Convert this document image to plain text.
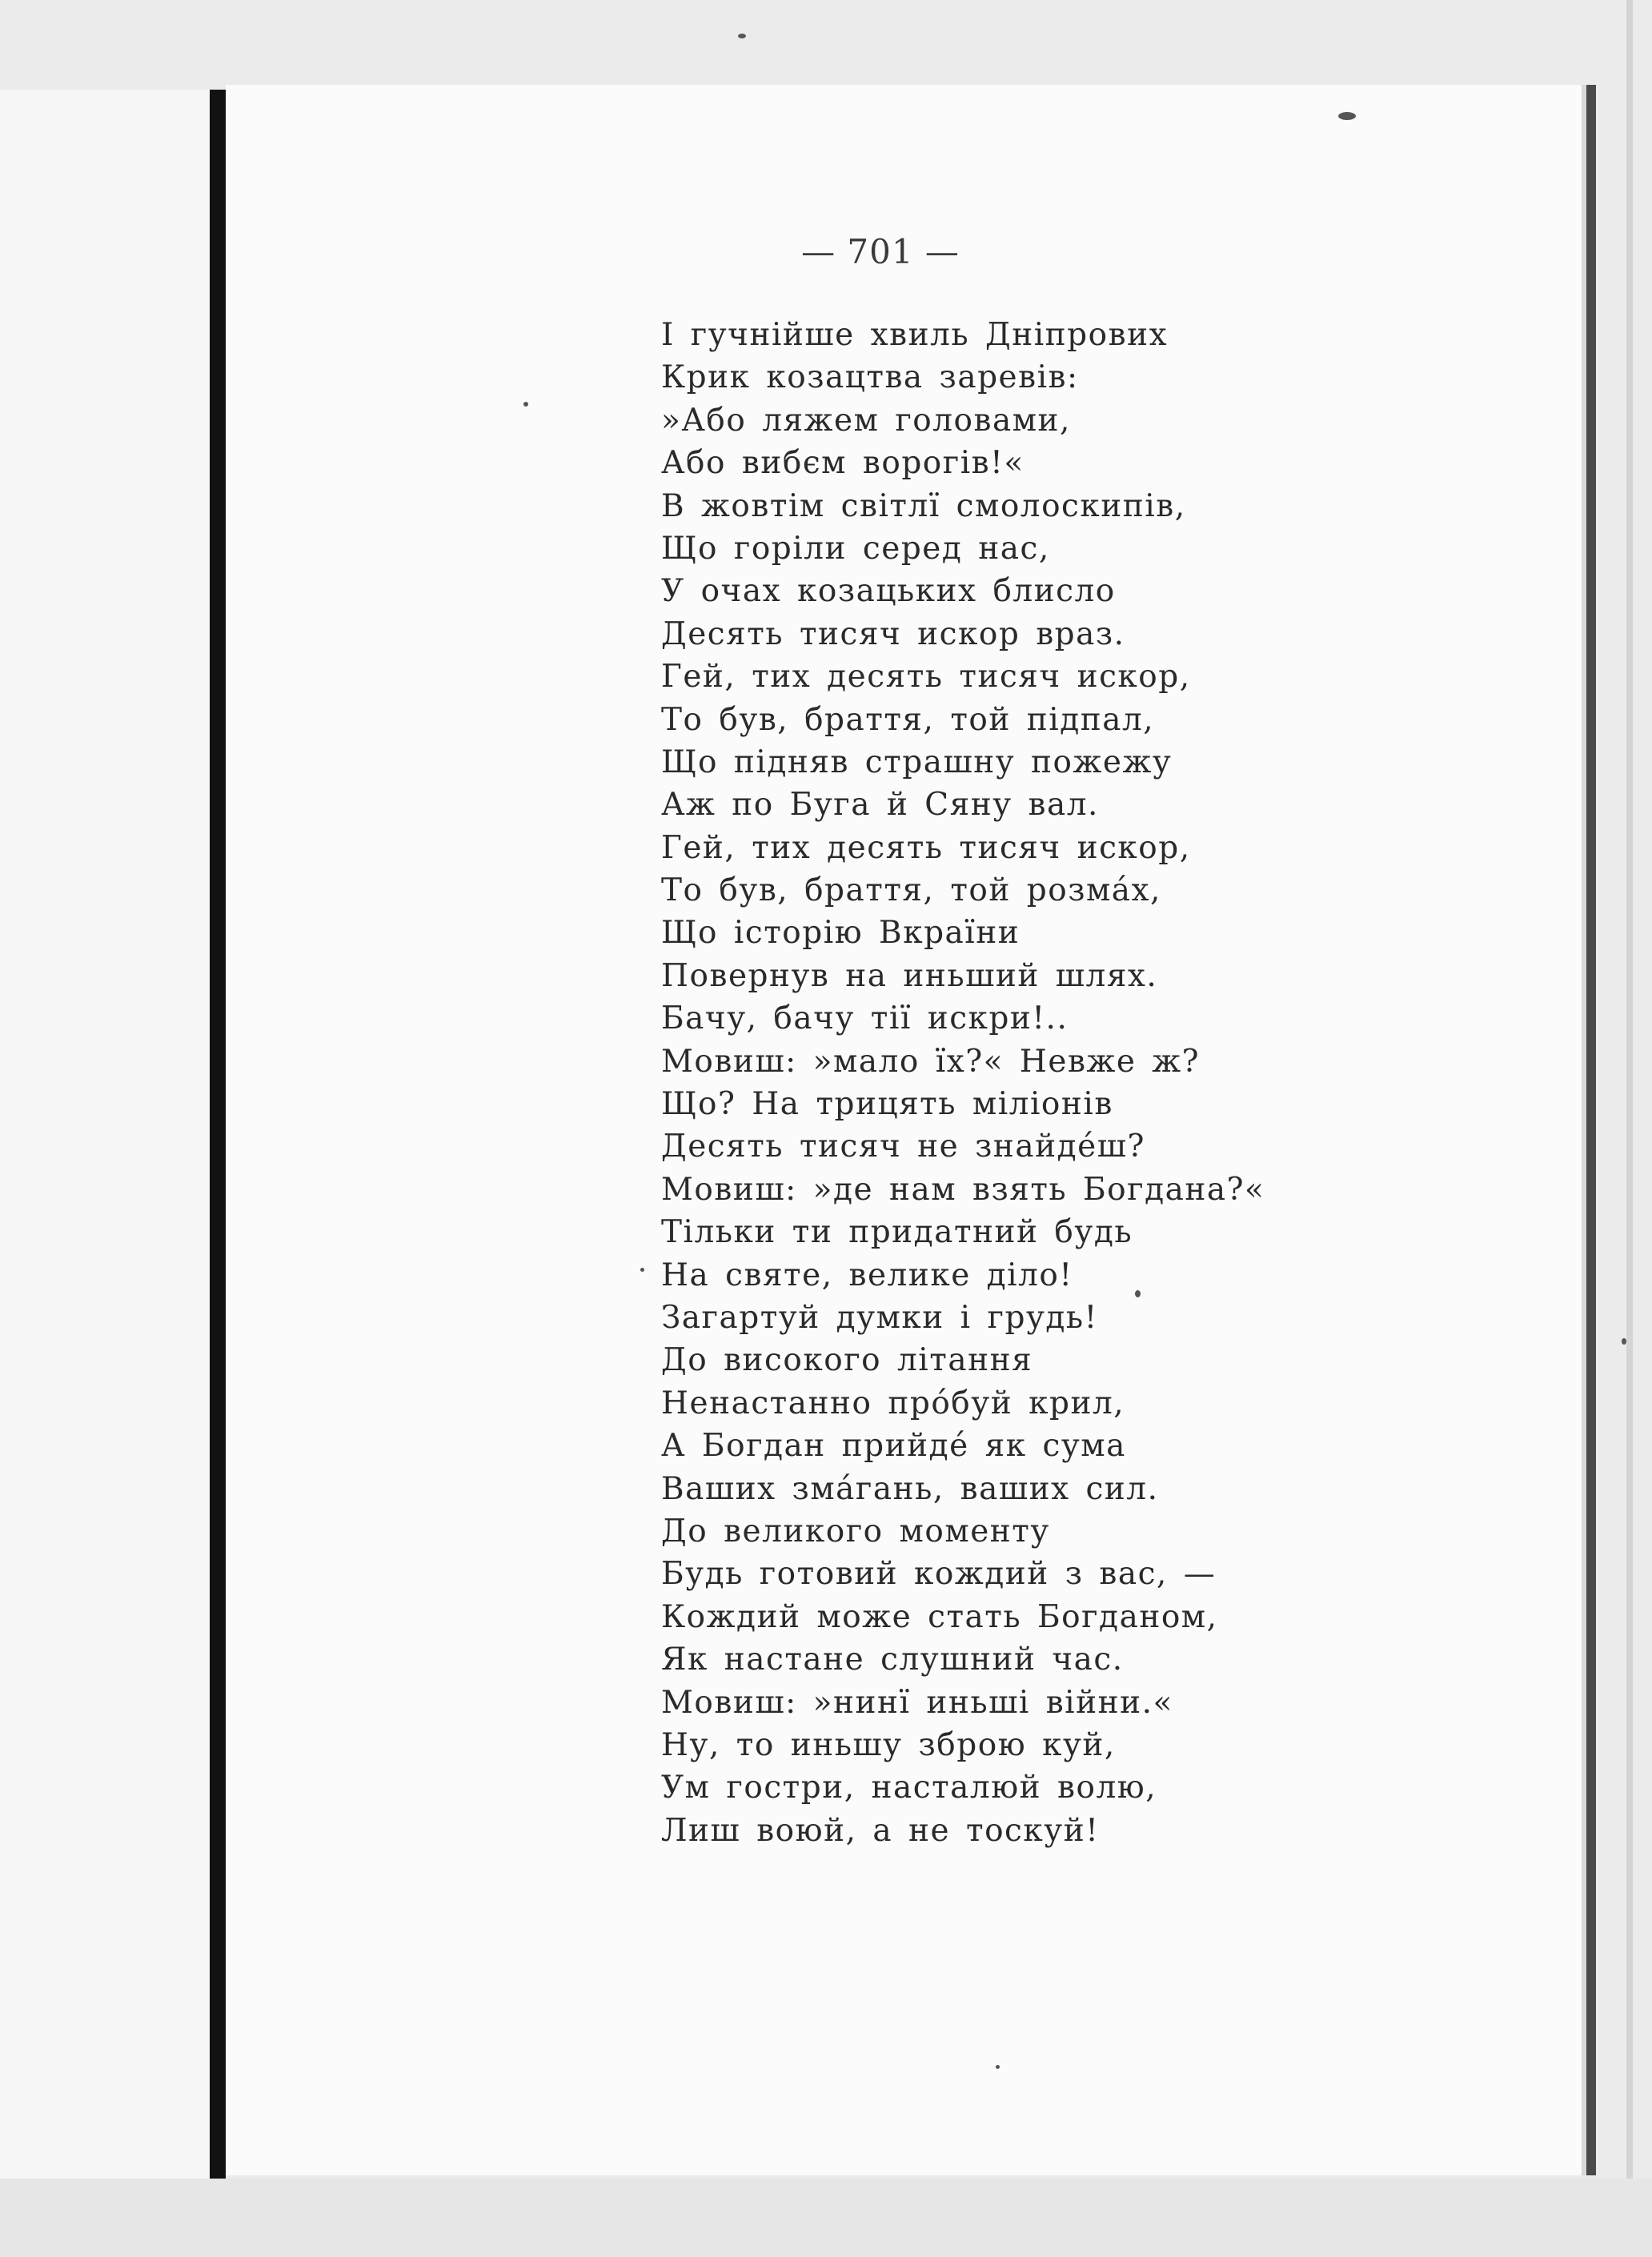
— 701 —
І гучнійше хвиль Дніпрових
Крик козацтва заревів:
»Або ляжем головами,
Або вибєм ворогів!«
В жовтім світлї смолоскипів,
Що горіли серед нас,
У очах козацьких блисло
Десять тисяч искор враз.
Гей, тих десять тисяч искор,
То був, браття, той підпал,
Що підняв страшну пожежу
Аж по Буга й Сяну вал.
Гей, тих десять тисяч искор,
То був, браття, той розма́х,
Що історію Вкраїни
Повернув на иньший шлях.
Бачу, бачу тії искри!..
Мовиш: »мало їх?« Невже ж?
Що? На трицять міліонів
Десять тисяч не знайде́ш?
Мовиш: »де нам взять Богдана?«
Тільки ти придатний будь
На святе, велике діло!
Загартуй думки і грудь!
До високого літання
Ненастанно про́буй крил,
А Богдан прийде́ як сума
Ваших зма́гань, ваших сил.
До великого моменту
Будь готовий кождий з вас, —
Кождий може стать Богданом,
Як настане слушний час.
Мовиш: »нинї иньші війни.«
Ну, то иньшу зброю куй,
Ум гостри, насталюй волю,
Лиш воюй, а не тоскуй!
